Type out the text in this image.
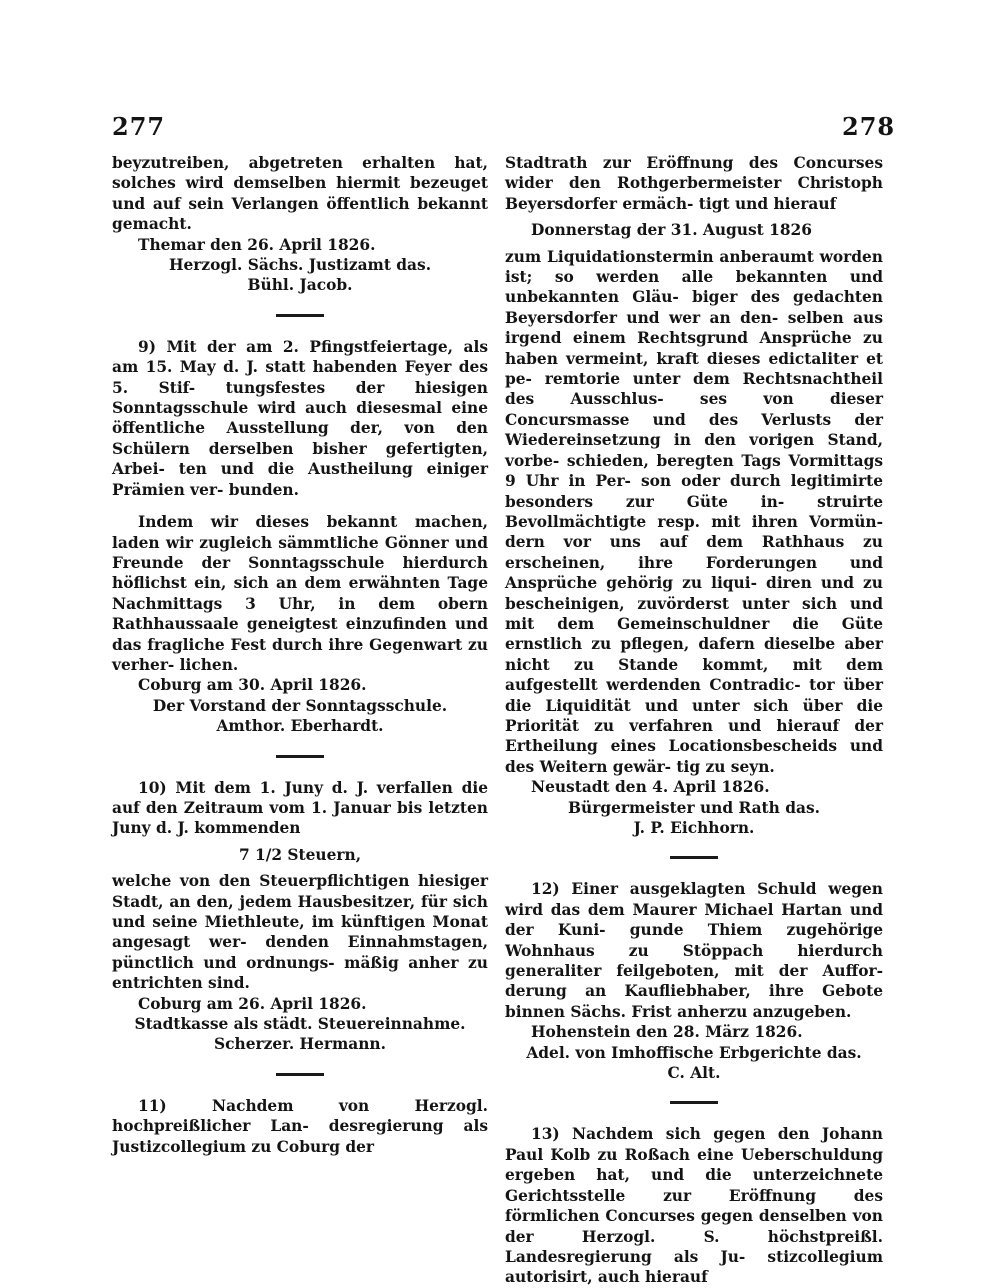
277	278

beyzutreiben, abgetreten erhalten hat, solches wird demselben hiermit bezeuget und auf sein Verlangen öffentlich bekannt gemacht.

Themar den 26. April 1826.

Herzogl. Sächs. Justizamt das.

Bühl. Jacob.

9) Mit der am 2. Pfingstfeiertage, als am 15. May d. J. statt habenden Feyer des 5. Stif- tungsfestes der hiesigen Sonntagsschule wird auch diesesmal eine öffentliche Ausstellung der, von den Schülern derselben bisher gefertigten, Arbei- ten und die Austheilung einiger Prämien ver- bunden.

Indem wir dieses bekannt machen, laden wir zugleich sämmtliche Gönner und Freunde der Sonntagsschule hierdurch höflichst ein, sich an dem erwähnten Tage Nachmittags 3 Uhr, in dem obern Rathhaussaale geneigtest einzufinden und das fragliche Fest durch ihre Gegenwart zu verher- lichen.

Coburg am 30. April 1826.

Der Vorstand der Sonntagsschule.

Amthor. Eberhardt.

10) Mit dem 1. Juny d. J. verfallen die auf den Zeitraum vom 1. Januar bis letzten Juny d. J. kommenden

7 1/2 Steuern,

welche von den Steuerpflichtigen hiesiger Stadt, an den, jedem Hausbesitzer, für sich und seine Miethleute, im künftigen Monat angesagt wer- denden Einnahmstagen, pünctlich und ordnungs- mäßig anher zu entrichten sind.

Coburg am 26. April 1826.

Stadtkasse als städt. Steuereinnahme.

Scherzer. Hermann.

11) Nachdem von Herzogl. hochpreißlicher Lan- desregierung als Justizcollegium zu Coburg der

Stadtrath zur Eröffnung des Concurses wider den Rothgerbermeister Christoph Beyersdorfer ermäch- tigt und hierauf

Donnerstag der 31. August 1826

zum Liquidationstermin anberaumt worden ist; so werden alle bekannten und unbekannten Gläu- biger des gedachten Beyersdorfer und wer an den- selben aus irgend einem Rechtsgrund Ansprüche zu haben vermeint, kraft dieses edictaliter et pe- remtorie unter dem Rechtsnachtheil des Ausschlus- ses von dieser Concursmasse und des Verlusts der Wiedereinsetzung in den vorigen Stand, vorbe- schieden, beregten Tags Vormittags 9 Uhr in Per- son oder durch legitimirte besonders zur Güte in- struirte Bevollmächtigte resp. mit ihren Vormün- dern vor uns auf dem Rathhaus zu erscheinen, ihre Forderungen und Ansprüche gehörig zu liqui- diren und zu bescheinigen, zuvörderst unter sich und mit dem Gemeinschuldner die Güte ernstlich zu pflegen, dafern dieselbe aber nicht zu Stande kommt, mit dem aufgestellt werdenden Contradic- tor über die Liquidität und unter sich über die Priorität zu verfahren und hierauf der Ertheilung eines Locationsbescheids und des Weitern gewär- tig zu seyn.

Neustadt den 4. April 1826.

Bürgermeister und Rath das.

J. P. Eichhorn.

12) Einer ausgeklagten Schuld wegen wird das dem Maurer Michael Hartan und der Kuni- gunde Thiem zugehörige Wohnhaus zu Stöppach hierdurch generaliter feilgeboten, mit der Auffor- derung an Kaufliebhaber, ihre Gebote binnen Sächs. Frist anherzu anzugeben.

Hohenstein den 28. März 1826.

Adel. von Imhoffische Erbgerichte das.

C. Alt.

13) Nachdem sich gegen den Johann Paul Kolb zu Roßach eine Ueberschuldung ergeben hat, und die unterzeichnete Gerichtsstelle zur Eröffnung des förmlichen Concurses gegen denselben von der Herzogl. S. höchstpreißl. Landesregierung als Ju- stizcollegium autorisirt, auch hierauf
